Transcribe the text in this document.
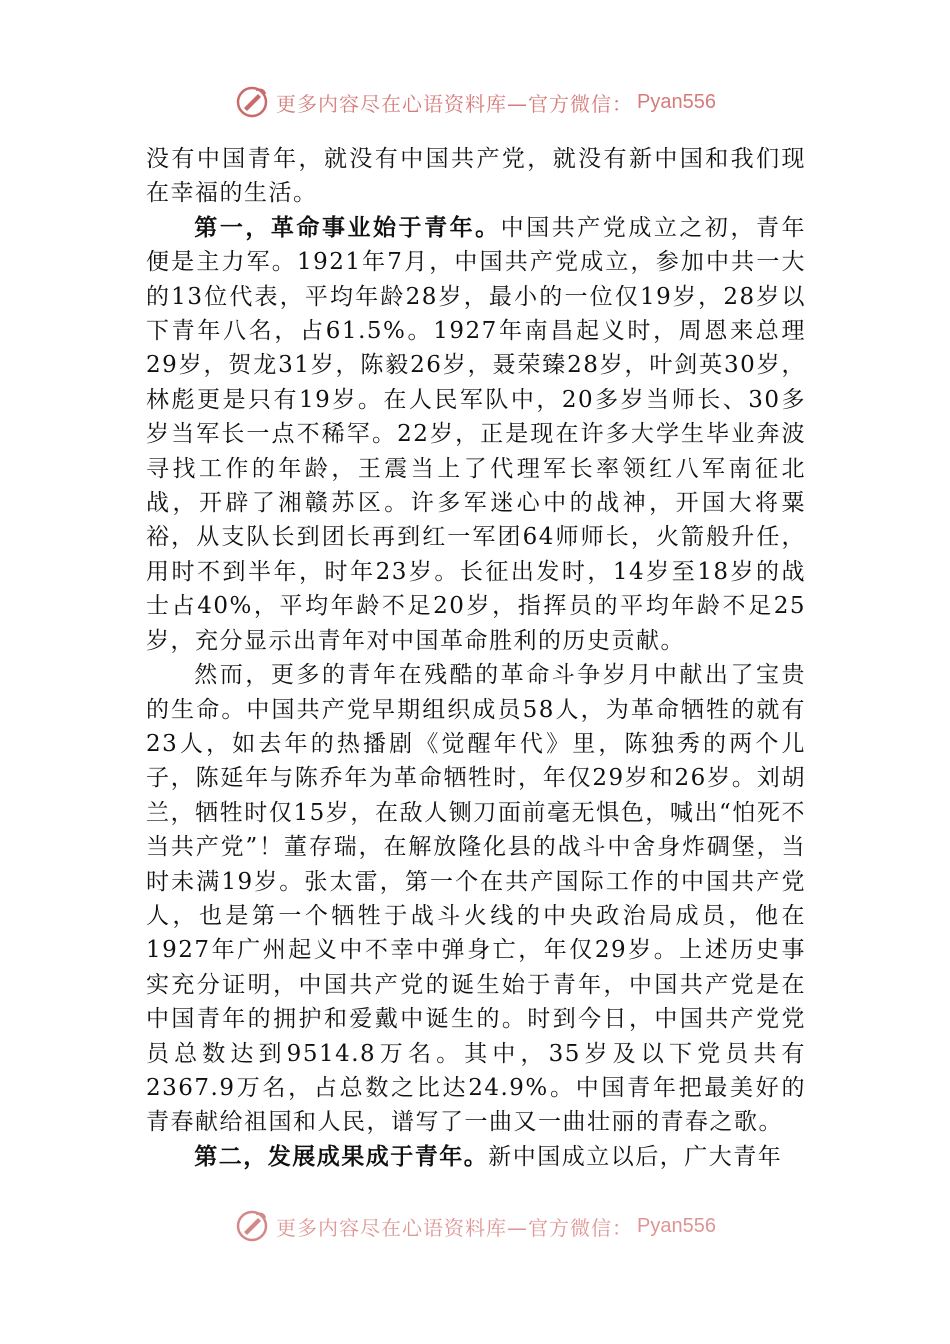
更多内容尽在心语资料库—官方微信： Pyan556

没有中国青年，就没有中国共产党，就没有新中国和我们现在幸福的生活。

第一，革命事业始于青年。中国共产党成立之初，青年便是主力军。1921年7月，中国共产党成立，参加中共一大的13位代表，平均年龄28岁，最小的一位仅19岁，28岁以下青年八名，占61.5%。1927年南昌起义时，周恩来总理29岁，贺龙31岁，陈毅26岁，聂荣臻28岁，叶剑英30岁，林彪更是只有19岁。在人民军队中，20多岁当师长、30多岁当军长一点不稀罕。22岁，正是现在许多大学生毕业奔波寻找工作的年龄，王震当上了代理军长率领红八军南征北战，开辟了湘赣苏区。许多军迷心中的战神，开国大将粟裕，从支队长到团长再到红一军团64师师长，火箭般升任，用时不到半年，时年23岁。长征出发时，14岁至18岁的战士占40%，平均年龄不足20岁，指挥员的平均年龄不足25岁，充分显示出青年对中国革命胜利的历史贡献。

然而，更多的青年在残酷的革命斗争岁月中献出了宝贵的生命。中国共产党早期组织成员58人，为革命牺牲的就有23人，如去年的热播剧《觉醒年代》里，陈独秀的两个儿子，陈延年与陈乔年为革命牺牲时，年仅29岁和26岁。刘胡兰，牺牲时仅15岁，在敌人铡刀面前毫无惧色，喊出“怕死不当共产党”！董存瑞，在解放隆化县的战斗中舍身炸碉堡，当时未满19岁。张太雷，第一个在共产国际工作的中国共产党人，也是第一个牺牲于战斗火线的中央政治局成员，他在1927年广州起义中不幸中弹身亡，年仅29岁。上述历史事实充分证明，中国共产党的诞生始于青年，中国共产党是在中国青年的拥护和爱戴中诞生的。时到今日，中国共产党党员总数达到9514.8万名。其中，35岁及以下党员共有2367.9万名，占总数之比达24.9%。中国青年把最美好的青春献给祖国和人民，谱写了一曲又一曲壮丽的青春之歌。

第二，发展成果成于青年。新中国成立以后，广大青年

更多内容尽在心语资料库—官方微信： Pyan556
